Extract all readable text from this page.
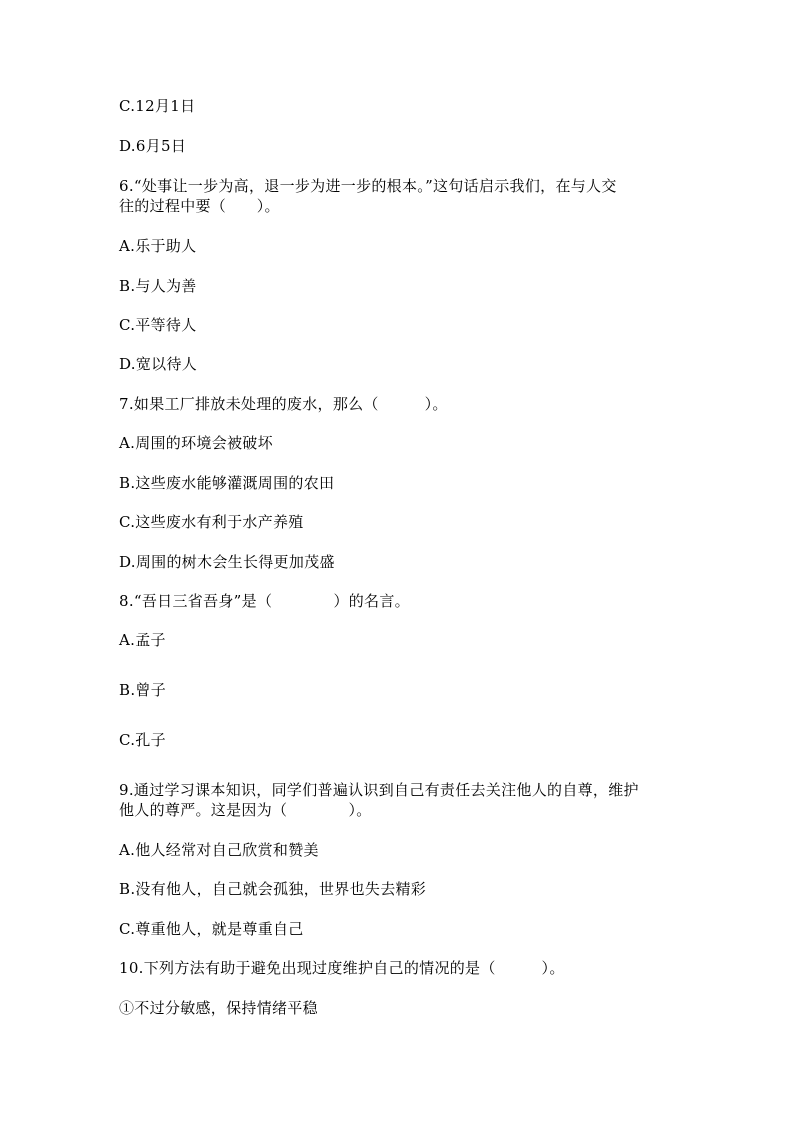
C.12月1日
D.6月5日
6.“处事让一步为高，退一步为进一步的根本。”这句话启示我们，在与人交
往的过程中要（　　）。
A.乐于助人
B.与人为善
C.平等待人
D.宽以待人
7.如果工厂排放未处理的废水，那么（　　　）。
A.周围的环境会被破坏
B.这些废水能够灌溉周围的农田
C.这些废水有利于水产养殖
D.周围的树木会生长得更加茂盛
8.“吾日三省吾身”是（　　　　）的名言。
A.孟子
B.曾子
C.孔子
9.通过学习课本知识，同学们普遍认识到自己有责任去关注他人的自尊，维护
他人的尊严。这是因为（　　　　）。
A.他人经常对自己欣赏和赞美
B.没有他人，自己就会孤独，世界也失去精彩
C.尊重他人，就是尊重自己
10.下列方法有助于避免出现过度维护自己的情况的是（　　　）。
①不过分敏感，保持情绪平稳
